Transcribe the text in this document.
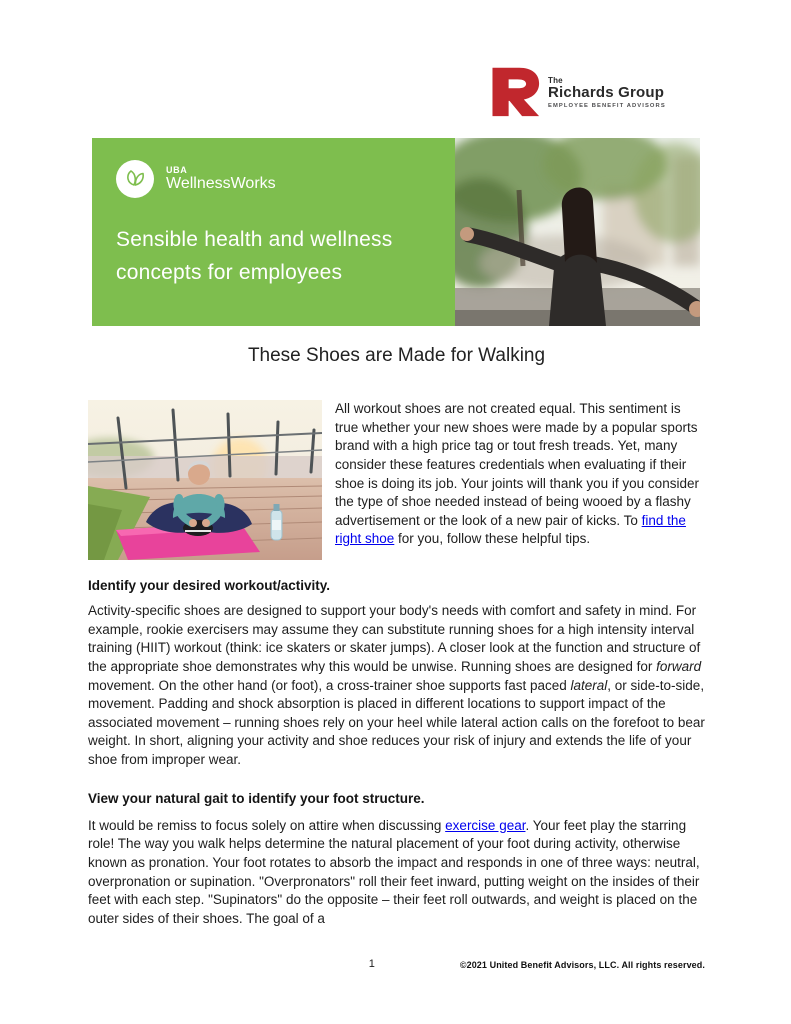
The
Richards Group
EMPLOYEE BENEFIT ADVISORS
UBA
WellnessWorks
Sensible health and wellness
concepts for employees
These Shoes are Made for Walking

All workout shoes are not created equal. This sentiment is true whether your new shoes were made by a popular sports brand with a high price tag or tout fresh treads. Yet, many consider these features credentials when evaluating if their shoe is doing its job. Your joints will thank you if you consider the type of shoe needed instead of being wooed by a flashy advertisement or the look of a new pair of kicks. To find the right shoe for you, follow these helpful tips.

Identify your desired workout/activity.

Activity-specific shoes are designed to support your body's needs with comfort and safety in mind. For example, rookie exercisers may assume they can substitute running shoes for a high intensity interval training (HIIT) workout (think: ice skaters or skater jumps). A closer look at the function and structure of the appropriate shoe demonstrates why this would be unwise. Running shoes are designed for forward movement. On the other hand (or foot), a cross-trainer shoe supports fast paced lateral, or side-to-side, movement. Padding and shock absorption is placed in different locations to support impact of the associated movement – running shoes rely on your heel while lateral action calls on the forefoot to bear weight. In short, aligning your activity and shoe reduces your risk of injury and extends the life of your shoe from improper wear.

View your natural gait to identify your foot structure.

It would be remiss to focus solely on attire when discussing exercise gear. Your feet play the starring role! The way you walk helps determine the natural placement of your foot during activity, otherwise known as pronation. Your foot rotates to absorb the impact and responds in one of three ways: neutral, overpronation or supination. "Overpronators" roll their feet inward, putting weight on the insides of their feet with each step. "Supinators" do the opposite – their feet roll outwards, and weight is placed on the outer sides of their shoes. The goal of a

1	©2021 United Benefit Advisors, LLC. All rights reserved.
